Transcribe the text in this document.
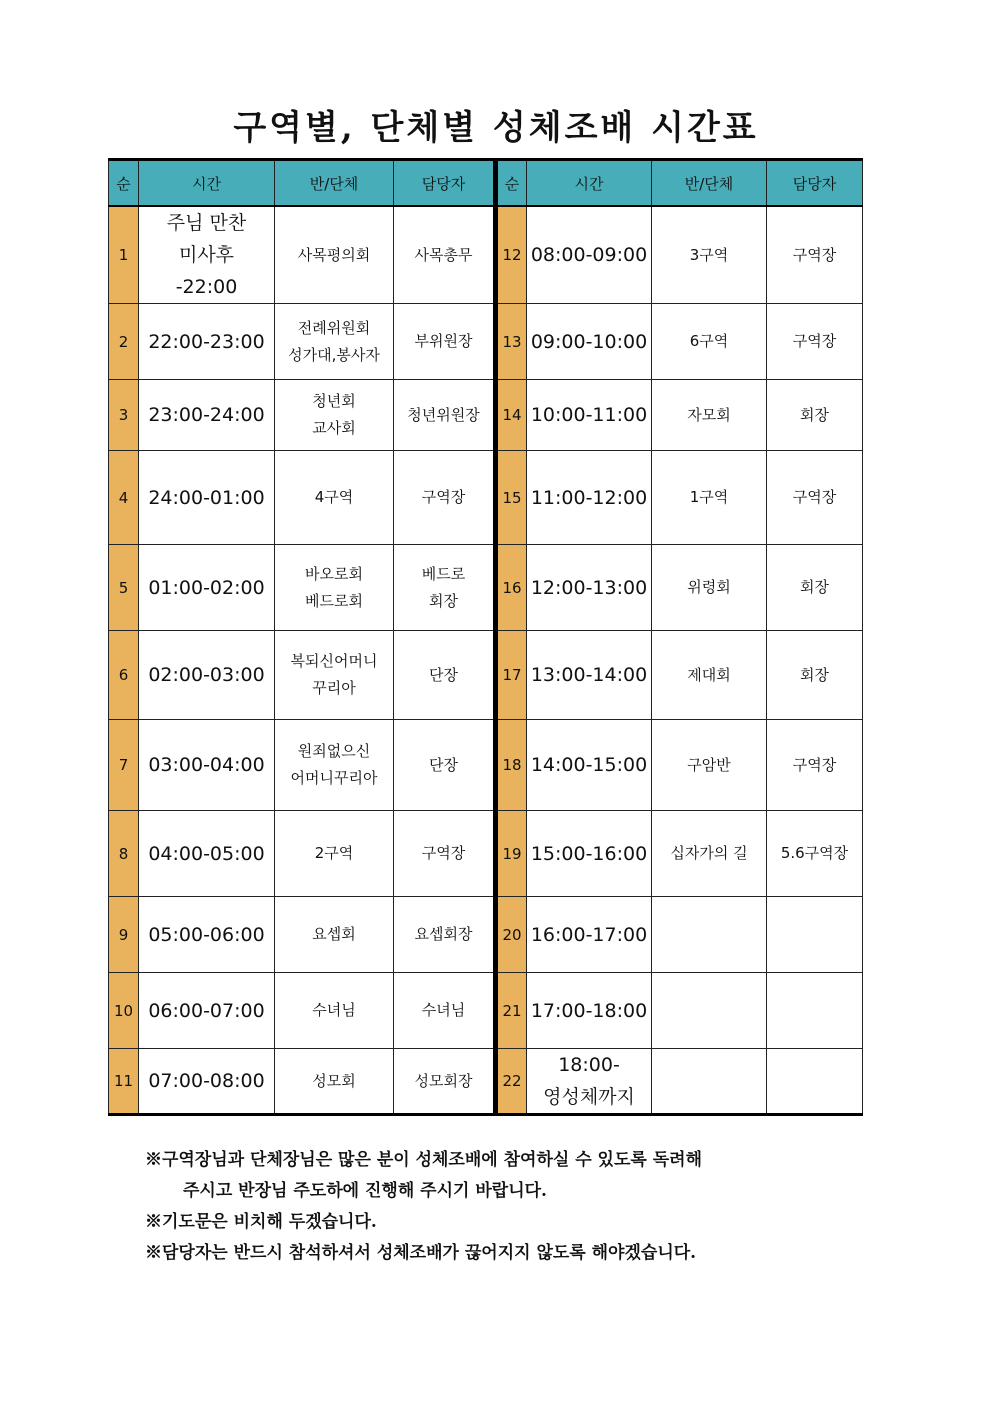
구역별, 단체별 성체조배 시간표
순	시간	반/단체	담당자	순	시간	반/단체	담당자
1	주님 만찬
미사후
-22:00	사목평의회	사목총무	12	08:00-09:00	3구역	구역장
2	22:00-23:00	전례위원회
성가대,봉사자	부위원장	13	09:00-10:00	6구역	구역장
3	23:00-24:00	청년회
교사회	청년위원장	14	10:00-11:00	자모회	회장
4	24:00-01:00	4구역	구역장	15	11:00-12:00	1구역	구역장
5	01:00-02:00	바오로회
베드로회	베드로
회장	16	12:00-13:00	위령회	회장
6	02:00-03:00	복되신어머니
꾸리아	단장	17	13:00-14:00	제대회	회장
7	03:00-04:00	원죄없으신
어머니꾸리아	단장	18	14:00-15:00	구암반	구역장
8	04:00-05:00	2구역	구역장	19	15:00-16:00	십자가의 길	5.6구역장
9	05:00-06:00	요셉회	요셉회장	20	16:00-17:00		
10	06:00-07:00	수녀님	수녀님	21	17:00-18:00		
11	07:00-08:00	성모회	성모회장	22	18:00-
영성체까지		

※구역장님과 단체장님은 많은 분이 성체조배에 참여하실 수 있도록 독려해

주시고 반장님 주도하에 진행해 주시기 바랍니다.

※기도문은 비치해 두겠습니다.

※담당자는 반드시 참석하셔서 성체조배가 끊어지지 않도록 해야겠습니다.
